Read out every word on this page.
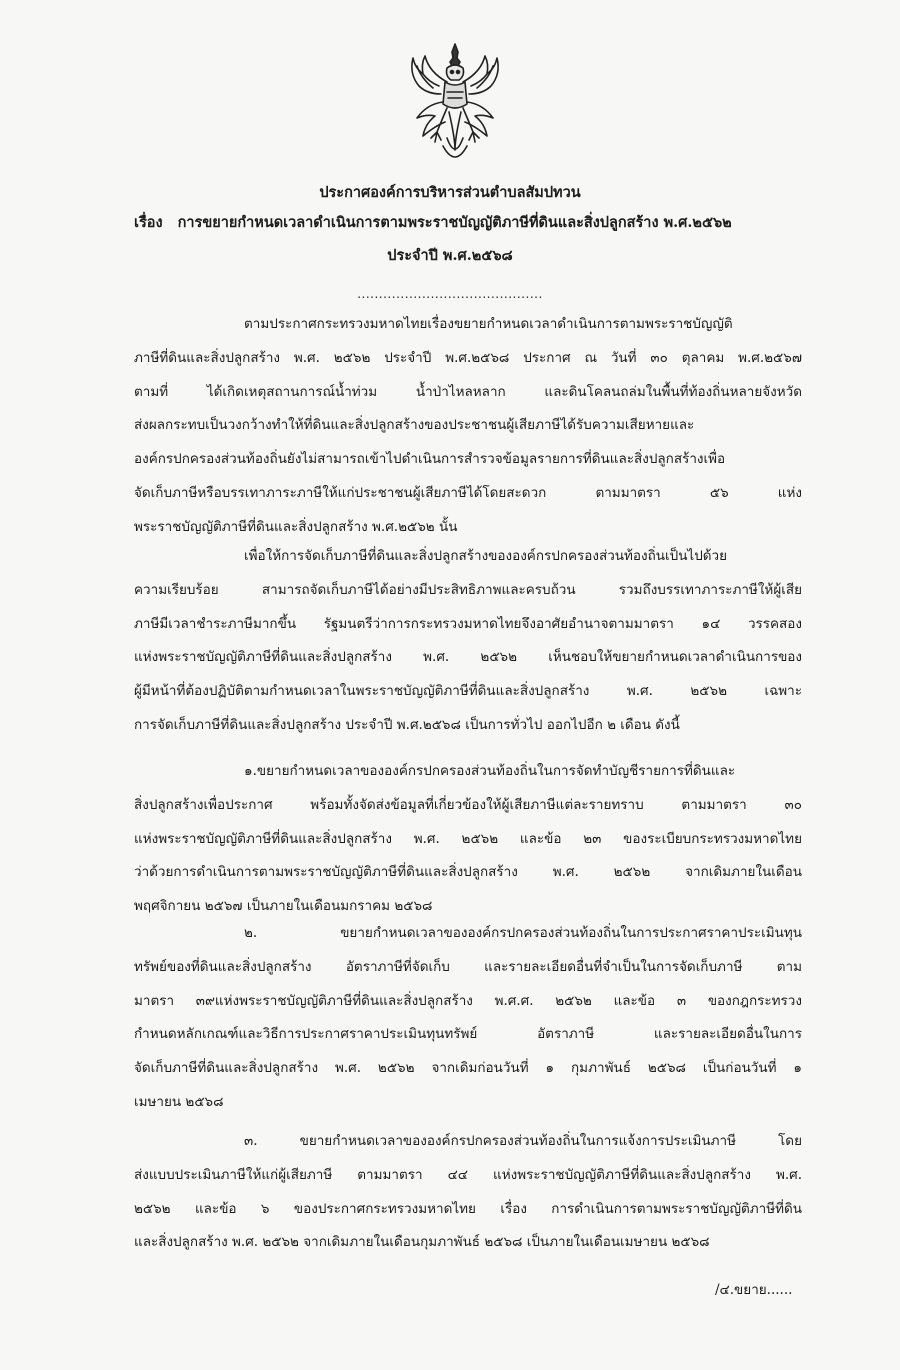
ประกาศองค์การบริหารส่วนตำบลสัมปทวน
เรื่อง การขยายกำหนดเวลาดำเนินการตามพระราชบัญญัติภาษีที่ดินและสิ่งปลูกสร้าง พ.ศ.๒๕๖๒
ประจำปี พ.ศ.๒๕๖๘
...........................................
ตามประกาศกระทรวงมหาดไทยเรื่องขยายกำหนดเวลาดำเนินการตามพระราชบัญญัติ
ภาษีที่ดินและสิ่งปลูกสร้าง พ.ศ. ๒๕๖๒ ประจำปี พ.ศ.๒๕๖๘ ประกาศ ณ วันที่ ๓๐ ตุลาคม พ.ศ.๒๕๖๗
ตามที่ ได้เกิดเหตุสถานการณ์น้ำท่วม น้ำป่าไหลหลาก และดินโคลนถล่มในพื้นที่ท้องถิ่นหลายจังหวัด
ส่งผลกระทบเป็นวงกว้างทำให้ที่ดินและสิ่งปลูกสร้างของประชาชนผู้เสียภาษีได้รับความเสียหายและ
องค์กรปกครองส่วนท้องถิ่นยังไม่สามารถเข้าไปดำเนินการสำรวจข้อมูลรายการที่ดินและสิ่งปลูกสร้างเพื่อ
จัดเก็บภาษีหรือบรรเทาภาระภาษีให้แก่ประชาชนผู้เสียภาษีได้โดยสะดวก ตามมาตรา ๕๖ แห่ง
พระราชบัญญัติภาษีที่ดินและสิ่งปลูกสร้าง พ.ศ.๒๕๖๒ นั้น
เพื่อให้การจัดเก็บภาษีที่ดินและสิ่งปลูกสร้างขององค์กรปกครองส่วนท้องถิ่นเป็นไปด้วย
ความเรียบร้อย สามารถจัดเก็บภาษีได้อย่างมีประสิทธิภาพและครบถ้วน รวมถึงบรรเทาภาระภาษีให้ผู้เสีย
ภาษีมีเวลาชำระภาษีมากขึ้น รัฐมนตรีว่าการกระทรวงมหาดไทยจึงอาศัยอำนาจตามมาตรา ๑๔ วรรคสอง
แห่งพระราชบัญญัติภาษีที่ดินและสิ่งปลูกสร้าง พ.ศ. ๒๕๖๒ เห็นชอบให้ขยายกำหนดเวลาดำเนินการของ
ผู้มีหน้าที่ต้องปฏิบัติตามกำหนดเวลาในพระราชบัญญัติภาษีที่ดินและสิ่งปลูกสร้าง พ.ศ. ๒๕๖๒ เฉพาะ
การจัดเก็บภาษีที่ดินและสิ่งปลูกสร้าง ประจำปี พ.ศ.๒๕๖๘ เป็นการทั่วไป ออกไปอีก ๒ เดือน ดังนี้
๑.ขยายกำหนดเวลาขององค์กรปกครองส่วนท้องถิ่นในการจัดทำบัญชีรายการที่ดินและ
สิ่งปลูกสร้างเพื่อประกาศ พร้อมทั้งจัดส่งข้อมูลที่เกี่ยวข้องให้ผู้เสียภาษีแต่ละรายทราบ ตามมาตรา ๓๐
แห่งพระราชบัญญัติภาษีที่ดินและสิ่งปลูกสร้าง พ.ศ. ๒๕๖๒ และข้อ ๒๓ ของระเบียบกระทรวงมหาดไทย
ว่าด้วยการดำเนินการตามพระราชบัญญัติภาษีที่ดินและสิ่งปลูกสร้าง พ.ศ. ๒๕๖๒ จากเดิมภายในเดือน
พฤศจิกายน ๒๕๖๗ เป็นภายในเดือนมกราคม ๒๕๖๘
๒. ขยายกำหนดเวลาขององค์กรปกครองส่วนท้องถิ่นในการประกาศราคาประเมินทุน
ทรัพย์ของที่ดินและสิ่งปลูกสร้าง อัตราภาษีที่จัดเก็บ และรายละเอียดอื่นที่จำเป็นในการจัดเก็บภาษี ตาม
มาตรา ๓๙แห่งพระราชบัญญัติภาษีที่ดินและสิ่งปลูกสร้าง พ.ศ.ศ. ๒๕๖๒ และข้อ ๓ ของกฎกระทรวง
กำหนดหลักเกณฑ์และวิธีการประกาศราคาประเมินทุนทรัพย์ อัตราภาษี และรายละเอียดอื่นในการ
จัดเก็บภาษีที่ดินและสิ่งปลูกสร้าง พ.ศ. ๒๕๖๒ จากเดิมก่อนวันที่ ๑ กุมภาพันธ์ ๒๕๖๘ เป็นก่อนวันที่ ๑
เมษายน ๒๕๖๘
๓. ขยายกำหนดเวลาขององค์กรปกครองส่วนท้องถิ่นในการแจ้งการประเมินภาษี โดย
ส่งแบบประเมินภาษีให้แก่ผู้เสียภาษี ตามมาตรา ๔๔ แห่งพระราชบัญญัติภาษีที่ดินและสิ่งปลูกสร้าง พ.ศ.
๒๕๖๒ และข้อ ๖ ของประกาศกระทรวงมหาดไทย เรื่อง การดำเนินการตามพระราชบัญญัติภาษีที่ดิน
และสิ่งปลูกสร้าง พ.ศ. ๒๕๖๒ จากเดิมภายในเดือนกุมภาพันธ์ ๒๕๖๘ เป็นภายในเดือนเมษายน ๒๕๖๘
/๔.ขยาย......
